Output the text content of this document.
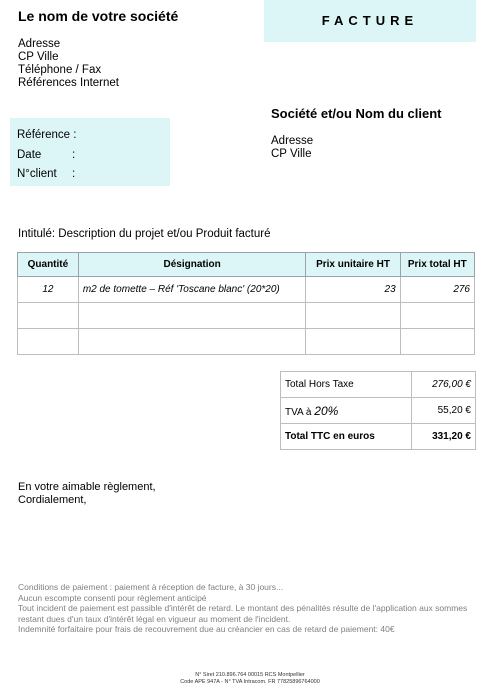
Le nom de votre société
Adresse
CP Ville
Téléphone / Fax
Références Internet
FACTURE
Référence :
Date	:
N°client :
Société et/ou Nom du client
Adresse
CP Ville
Intitulé: Description du projet et/ou Produit facturé
Quantité	Désignation	Prix unitaire HT	Prix total HT
12	m2 de tomette – Réf 'Toscane blanc' (20*20)	23	276

Total Hors Taxe	276,00 €
TVA à 20%	55,20 €
Total TTC en euros	331,20 €
En votre aimable règlement,
Cordialement,
Conditions de paiement : paiement à réception de facture, à 30 jours...
Aucun escompte consenti pour règlement anticipé
Tout incident de paiement est passible d'intérêt de retard. Le montant des pénalités résulte de l'application aux sommes restant dues d'un taux d'intérêt légal en vigueur au moment de l'incident.
Indemnité forfaitaire pour frais de recouvrement due au créancier en cas de retard de paiement: 40€
N° Siret 210.896.764 00015 RCS Montpellier
Code APE 947A - N° TVA Intracom. FR 77825896764000
